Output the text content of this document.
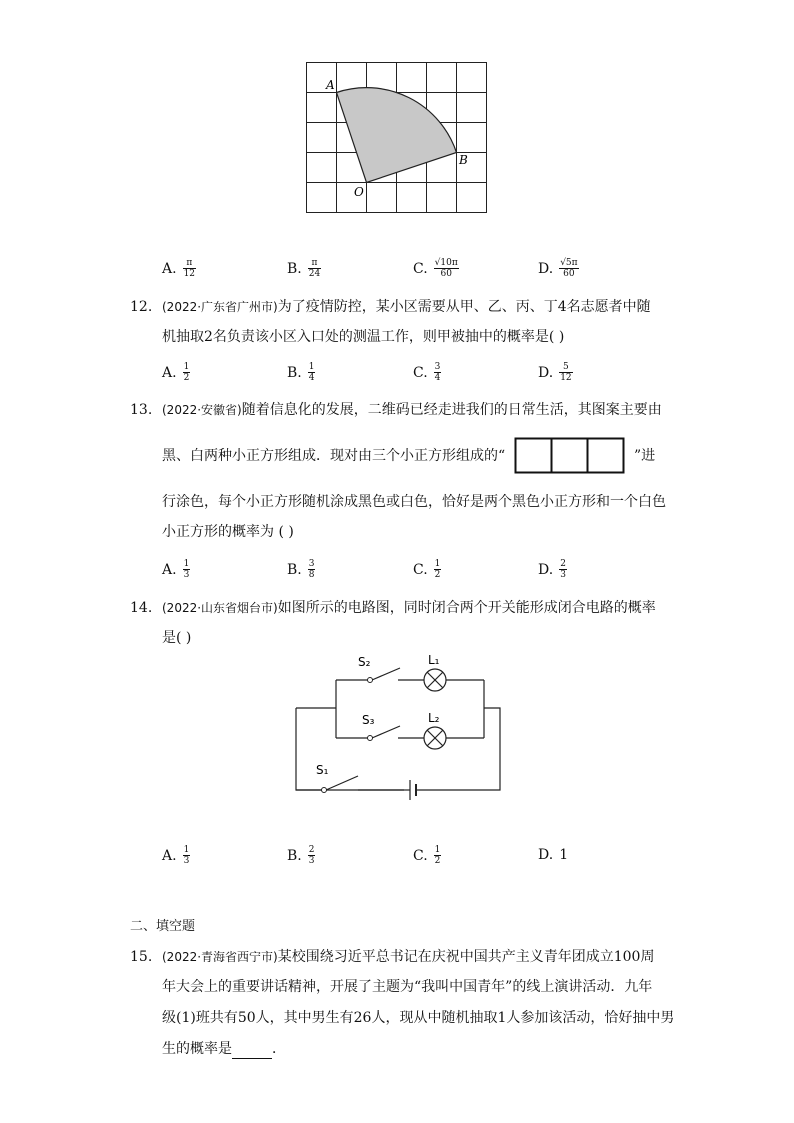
A
B
O
A. $\frac{\pi}{12}$	B. $\frac{\pi}{24}$	C. $\frac{√10\pi}{60}$	D. $\frac{√5\pi}{60}$
12. (2022·广东省广州市)为了疫情防控，某小区需要从甲、乙、丙、丁4名志愿者中随
机抽取2名负责该小区入口处的测温工作，则甲被抽中的概率是( )
A. $\frac{1}{2}$	B. $\frac{1}{4}$	C. $\frac{3}{4}$	D. $\frac{5}{12}$
13. (2022·安徽省)随着信息化的发展，二维码已经走进我们的日常生活，其图案主要由
黑、白两种小正方形组成．现对由三个小正方形组成的“	”进
行涂色，每个小正方形随机涂成黑色或白色，恰好是两个黑色小正方形和一个白色
小正方形的概率为 ( )
A. $\frac{1}{3}$	B. $\frac{3}{8}$	C. $\frac{1}{2}$	D. $\frac{2}{3}$
14. (2022·山东省烟台市)如图所示的电路图，同时闭合两个开关能形成闭合电路的概率
是( )
S₂	L₁
S₃	L₂
S₁
A. $\frac{1}{3}$	B. $\frac{2}{3}$	C. $\frac{1}{2}$	D. 1
二、填空题
15. (2022·青海省西宁市)某校围绕习近平总书记在庆祝中国共产主义青年团成立100周
年大会上的重要讲话精神，开展了主题为“我叫中国青年”的线上演讲活动．九年
级(1)班共有50人，其中男生有26人，现从中随机抽取1人参加该活动，恰好抽中男
生的概率是	．
